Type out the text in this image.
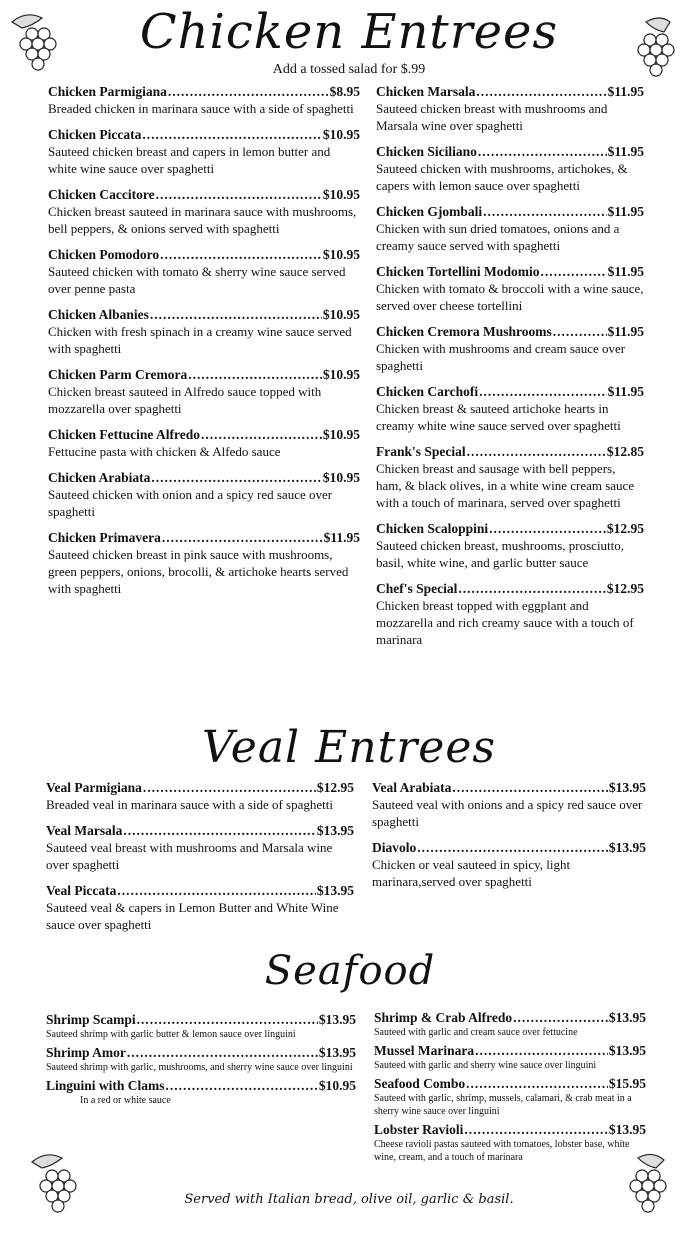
Chicken Entrees
Add a tossed salad for $.99
Chicken Parmigiana .....	$8.95
Breaded chicken in marinara sauce with a side of spaghetti
Chicken Piccata .....	$10.95
Sauteed chicken breast and capers in lemon butter and white wine sauce over spaghetti
Chicken Caccitore .....	$10.95
Chicken breast sauteed in marinara sauce with mushrooms, bell peppers, & onions served with spaghetti
Chicken Pomodoro .....	$10.95
Sauteed chicken with tomato & sherry wine sauce served over penne pasta
Chicken Albanies .....	$10.95
Chicken with fresh spinach in a creamy wine sauce served with spaghetti
Chicken Parm Cremora .....	$10.95
Chicken breast sauteed in Alfredo sauce topped with mozzarella over spaghetti
Chicken Fettucine Alfredo .....	$10.95
Fettucine pasta with chicken & Alfedo sauce
Chicken Arabiata .....	$10.95
Sauteed chicken with onion and a spicy red sauce over spaghetti
Chicken Primavera .....	$11.95
Sauteed chicken breast in pink sauce with mushrooms, green peppers, onions, brocolli, & artichoke hearts served with spaghetti
Chicken Marsala .....	$11.95
Sauteed chicken breast with mushrooms and Marsala wine over spaghetti
Chicken Siciliano .....	$11.95
Sauteed chicken with mushrooms, artichokes, & capers with lemon sauce over spaghetti
Chicken Gjombali .....	$11.95
Chicken with sun dried tomatoes, onions and a creamy sauce served with spaghetti
Chicken Tortellini Modomio .....	$11.95
Chicken with tomato & broccoli with a wine sauce, served over cheese tortellini
Chicken Cremora Mushrooms .....	$11.95
Chicken with mushrooms and cream sauce over spaghetti
Chicken Carchofi .....	$11.95
Chicken breast & sauteed artichoke hearts in creamy white wine sauce served over spaghetti
Frank's Special .....	$12.85
Chicken breast and sausage with bell peppers, ham, & black olives, in a white wine cream sauce with a touch of marinara, served over spaghetti
Chicken Scaloppini .....	$12.95
Sauteed chicken breast, mushrooms, prosciutto, basil, white wine, and garlic butter sauce
Chef's Special .....	$12.95
Chicken breast topped with eggplant and mozzarella and rich creamy sauce with a touch of marinara
Veal Entrees
Veal Parmigiana .....	$12.95
Breaded veal in marinara sauce with a side of spaghetti
Veal Marsala .....	$13.95
Sauteed veal breast with mushrooms and Marsala wine over spaghetti
Veal Piccata .....	$13.95
Sauteed veal & capers in Lemon Butter and White Wine sauce over spaghetti
Veal Arabiata .....	$13.95
Sauteed veal with onions and a spicy red sauce over spaghetti
Diavolo .....	$13.95
Chicken or veal sauteed in spicy, light marinara,served over spaghetti
Seafood
Shrimp Scampi .....	$13.95
Sauteed shrimp with garlic butter & lemon sauce over linguini
Shrimp Amor .....	$13.95
Sauteed shrimp with garlic, mushrooms, and sherry wine sauce over linguini
Linguini with Clams .....	$10.95
In a red or white sauce
Shrimp & Crab Alfredo .....	$13.95
Sauteed with garlic and cream sauce over fettucine
Mussel Marinara .....	$13.95
Sauteed with garlic and sherry wine sauce over linguini
Seafood Combo .....	$15.95
Sauteed with garlic, shrimp, mussels, calamari, & crab meat in a sherry wine sauce over linguini
Lobster Ravioli .....	$13.95
Cheese ravioli pastas sauteed with tomatoes, lobster base, white wine, cream, and a touch of marinara
Served with Italian bread, olive oil, garlic & basil.
